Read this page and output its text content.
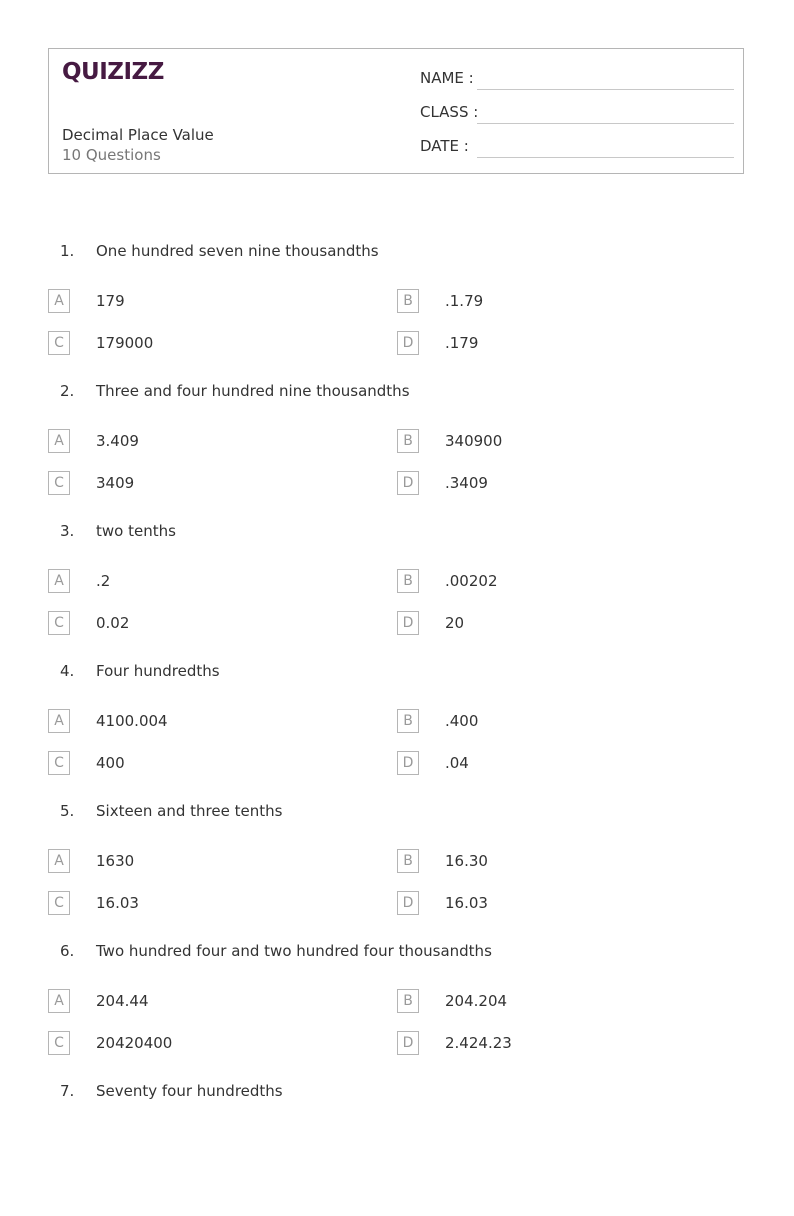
QUIZIZZ
Decimal Place Value
10 Questions
NAME :
CLASS :
DATE :
1. One hundred seven nine thousandths
A	179	B	.1.79
C	179000	D	.179
2. Three and four hundred nine thousandths
A	3.409	B	340900
C	3409	D	.3409
3. two tenths
A	.2	B	.00202
C	0.02	D	20
4. Four hundredths
A	4100.004	B	.400
C	400	D	.04
5. Sixteen and three tenths
A	1630	B	16.30
C	16.03	D	16.03
6. Two hundred four and two hundred four thousandths
A	204.44	B	204.204
C	20420400	D	2.424.23
7. Seventy four hundredths
